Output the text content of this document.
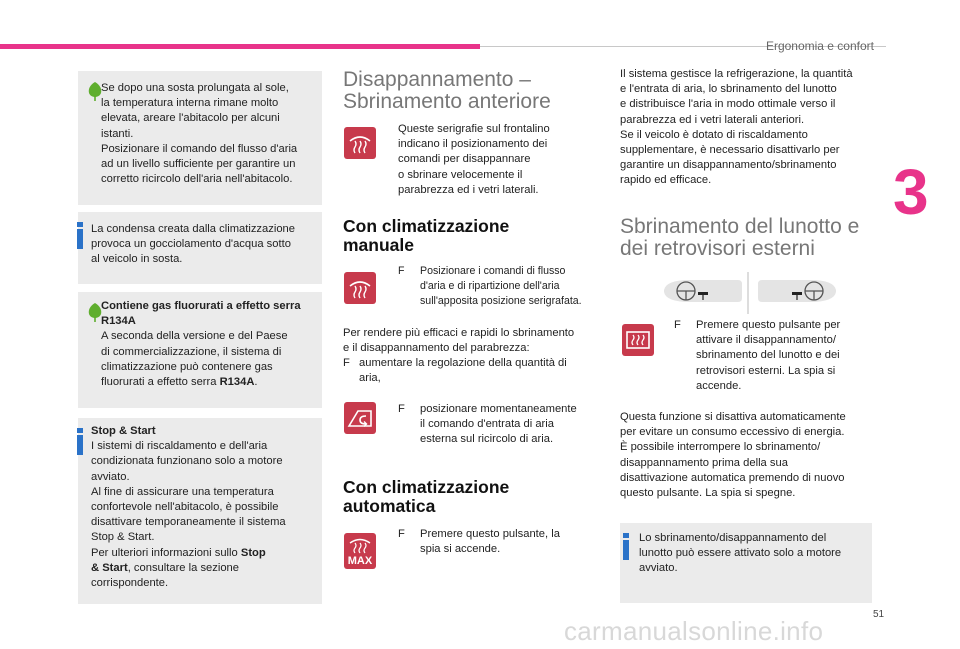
Ergonomia e confort
3
51
carmanualsonline.info

Se dopo una sosta prolungata al sole,
la temperatura interna rimane molto
elevata, areare l'abitacolo per alcuni
istanti.
Posizionare il comando del flusso d'aria
ad un livello sufficiente per garantire un
corretto ricircolo dell'aria nell'abitacolo.

La condensa creata dalla climatizzazione
provoca un gocciolamento d'acqua sotto
al veicolo in sosta.

Contiene gas fluorurati a effetto serra
R134A

A seconda della versione e del Paese
di commercializzazione, il sistema di
climatizzazione può contenere gas
fluorurati a effetto serra R134A.

Stop & Start

I sistemi di riscaldamento e dell'aria
condizionata funzionano solo a motore
avviato.
Al fine di assicurare una temperatura
confortevole nell'abitacolo, è possibile
disattivare temporaneamente il sistema
Stop & Start.
Per ulteriori informazioni sullo Stop
& Start, consultare la sezione
corrispondente.

Disappannamento –
Sbrinamento anteriore

Queste serigrafie sul frontalino
indicano il posizionamento dei
comandi per disappannare
o sbrinare velocemente il
parabrezza ed i vetri laterali.

Con climatizzazione
manuale
F Posizionare i comandi di flusso
d'aria e di ripartizione dell'aria
sull'apposita posizione serigrafata.

Per rendere più efficaci e rapidi lo sbrinamento
e il disappannamento del parabrezza:

F aumentare la regolazione della quantità di
aria,
F posizionare momentaneamente
il comando d'entrata di aria
esterna sul ricircolo di aria.
Con climatizzazione
automatica
MAX
F Premere questo pulsante, la
spia si accende.

Il sistema gestisce la refrigerazione, la quantità
e l'entrata di aria, lo sbrinamento del lunotto
e distribuisce l'aria in modo ottimale verso il
parabrezza ed i vetri laterali anteriori.
Se il veicolo è dotato di riscaldamento
supplementare, è necessario disattivarlo per
garantire un disappannamento/sbrinamento
rapido ed efficace.

Sbrinamento del lunotto e
dei retrovisori esterni
F Premere questo pulsante per
attivare il disappannamento/
sbrinamento del lunotto e dei
retrovisori esterni. La spia si
accende.

Questa funzione si disattiva automaticamente
per evitare un consumo eccessivo di energia.
È possibile interrompere lo sbrinamento/
disappannamento prima della sua
disattivazione automatica premendo di nuovo
questo pulsante. La spia si spegne.

Lo sbrinamento/disappannamento del
lunotto può essere attivato solo a motore
avviato.
